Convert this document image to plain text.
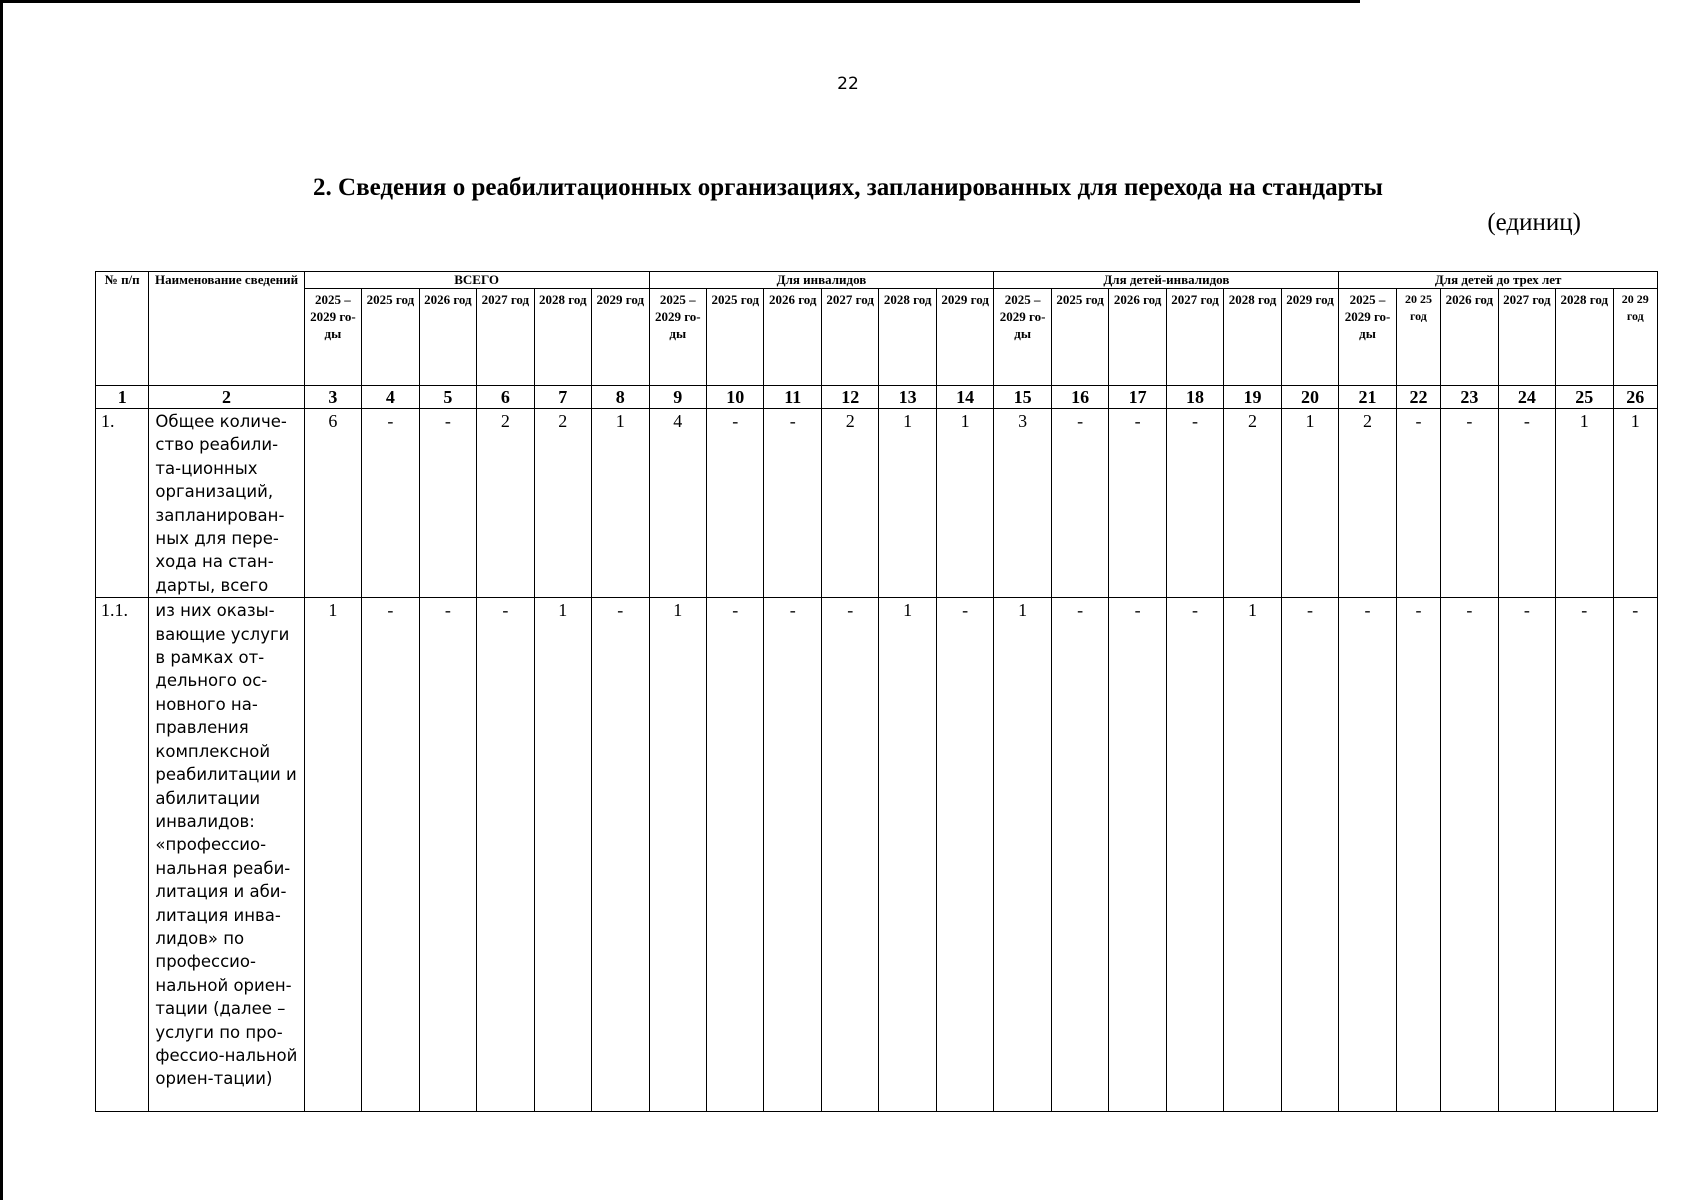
22
2. Сведения о реабилитационных организациях, запланированных для перехода на стандарты
(единиц)
№ п/п	Наименование сведений	ВСЕГО						Для инвалидов						Для детей-инвалидов						Для детей до трех лет					
		2025 – 2029 го- ды	2025 год	2026 год	2027 год	2028 год	2029 год	2025 – 2029 го- ды	2025 год	2026 год	2027 год	2028 год	2029 год	2025 – 2029 го- ды	2025 год	2026 год	2027 год	2028 год	2029 год	2025 – 2029 го- ды	20 25 год	2026 год	2027 год	2028 год	20 29 год
1	2	3	4	5	6	7	8	9	10	11	12	13	14	15	16	17	18	19	20	21	22	23	24	25	26
1.	Общее количе-ство реабили-та-ционных организаций, запланирован-ных для пере-хода на стан-дарты, всего	6	-	-	2	2	1	4	-	-	2	1	1	3	-	-	-	2	1	2	-	-	-	1	1
1.1.	из них оказы-вающие услуги в рамках от-дельного ос-новного на-правления комплексной реабилитации и абилитации инвалидов: «профессио-нальная реаби-литация и аби-литация инва-лидов» по профессио-нальной ориен-тации (далее – услуги по про-фессио-нальной ориен-тации)	1	-	-	-	1	-	1	-	-	-	1	-	1	-	-	-	1	-	-	-	-	-	-	-
